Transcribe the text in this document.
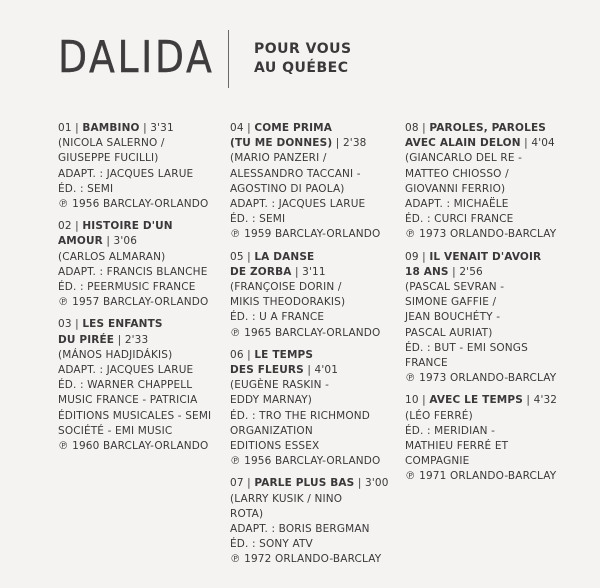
DALIDA	POUR VOUS
AU QUÉBEC
01 | BAMBINO | 3'31
(NICOLA SALERNO /
GIUSEPPE FUCILLI)
ADAPT. : JACQUES LARUE
ÉD. : SEMI
℗ 1956 BARCLAY-ORLANDO
02 | HISTOIRE D'UN
AMOUR | 3'06
(CARLOS ALMARAN)
ADAPT. : FRANCIS BLANCHE
ÉD. : PEERMUSIC FRANCE
℗ 1957 BARCLAY-ORLANDO
03 | LES ENFANTS
DU PIRÉE | 2'33
(MÁNOS HADJIDÁKIS)
ADAPT. : JACQUES LARUE
ÉD. : WARNER CHAPPELL
MUSIC FRANCE - PATRICIA
ÉDITIONS MUSICALES - SEMI
SOCIÉTÉ - EMI MUSIC
℗ 1960 BARCLAY-ORLANDO
04 | COME PRIMA
(TU ME DONNES) | 2'38
(MARIO PANZERI /
ALESSANDRO TACCANI -
AGOSTINO DI PAOLA)
ADAPT. : JACQUES LARUE
ÉD. : SEMI
℗ 1959 BARCLAY-ORLANDO
05 | LA DANSE
DE ZORBA | 3'11
(FRANÇOISE DORIN /
MIKIS THEODORAKIS)
ÉD. : U A FRANCE
℗ 1965 BARCLAY-ORLANDO
06 | LE TEMPS
DES FLEURS | 4'01
(EUGÈNE RASKIN -
EDDY MARNAY)
ÉD. : TRO THE RICHMOND
ORGANIZATION
EDITIONS ESSEX
℗ 1956 BARCLAY-ORLANDO
07 | PARLE PLUS BAS | 3'00
(LARRY KUSIK / NINO
ROTA)
ADAPT. : BORIS BERGMAN
ÉD. : SONY ATV
℗ 1972 ORLANDO-BARCLAY
08 | PAROLES, PAROLES
AVEC ALAIN DELON | 4'04
(GIANCARLO DEL RE -
MATTEO CHIOSSO /
GIOVANNI FERRIO)
ADAPT. : MICHAËLE
ÉD. : CURCI FRANCE
℗ 1973 ORLANDO-BARCLAY
09 | IL VENAIT D'AVOIR
18 ANS | 2'56
(PASCAL SEVRAN -
SIMONE GAFFIE /
JEAN BOUCHÉTY -
PASCAL AURIAT)
ÉD. : BUT - EMI SONGS
FRANCE
℗ 1973 ORLANDO-BARCLAY
10 | AVEC LE TEMPS | 4'32
(LÉO FERRÉ)
ÉD. : MERIDIAN -
MATHIEU FERRÉ ET
COMPAGNIE
℗ 1971 ORLANDO-BARCLAY
